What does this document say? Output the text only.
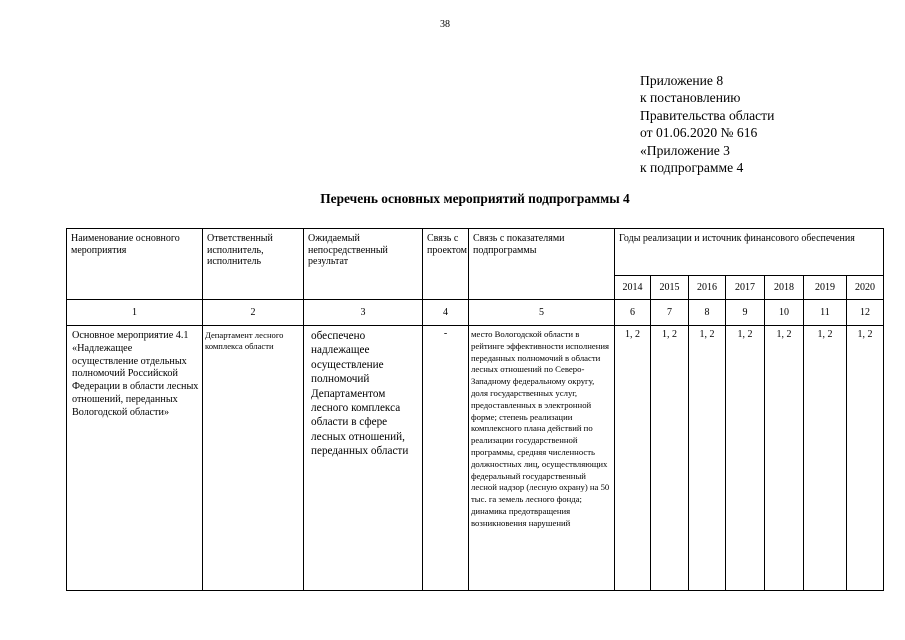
38
Приложение 8
к постановлению
Правительства области
от 01.06.2020 № 616
«Приложение 3
к подпрограмме 4
Перечень основных мероприятий подпрограммы 4
Наименование основного мероприятия	Ответственный исполнитель, исполнитель	Ожидаемый непосредственный результат	Связь с проектом	Связь с показателями подпрограммы	Годы реализации и источник финансового обеспечения						
					2014	2015	2016	2017	2018	2019	2020
1	2	3	4	5	6	7	8	9	10	11	12
Основное мероприятие 4.1 «Надлежащее осуществление отдельных полномочий Российской Федерации в области лесных отношений, переданных Вологодской области»	Департамент лесного комплекса области	обеспечено надлежащее осуществление полномочий Департаментом лесного комплекса области в сфере лесных отношений, переданных области	-	место Вологодской области в рейтинге эффективности исполнения переданных полномочий в области лесных отношений по Северо-Западному федеральному округу, доля государственных услуг, предоставленных в электронной форме; степень реализации комплексного плана действий по реализации государственной программы, средняя численность должностных лиц, осуществляющих федеральный государственный лесной надзор (лесную охрану) на 50 тыс. га земель лесного фонда; динамика предотвращения возникновения нарушений	1, 2	1, 2	1, 2	1, 2	1, 2	1, 2	1, 2
